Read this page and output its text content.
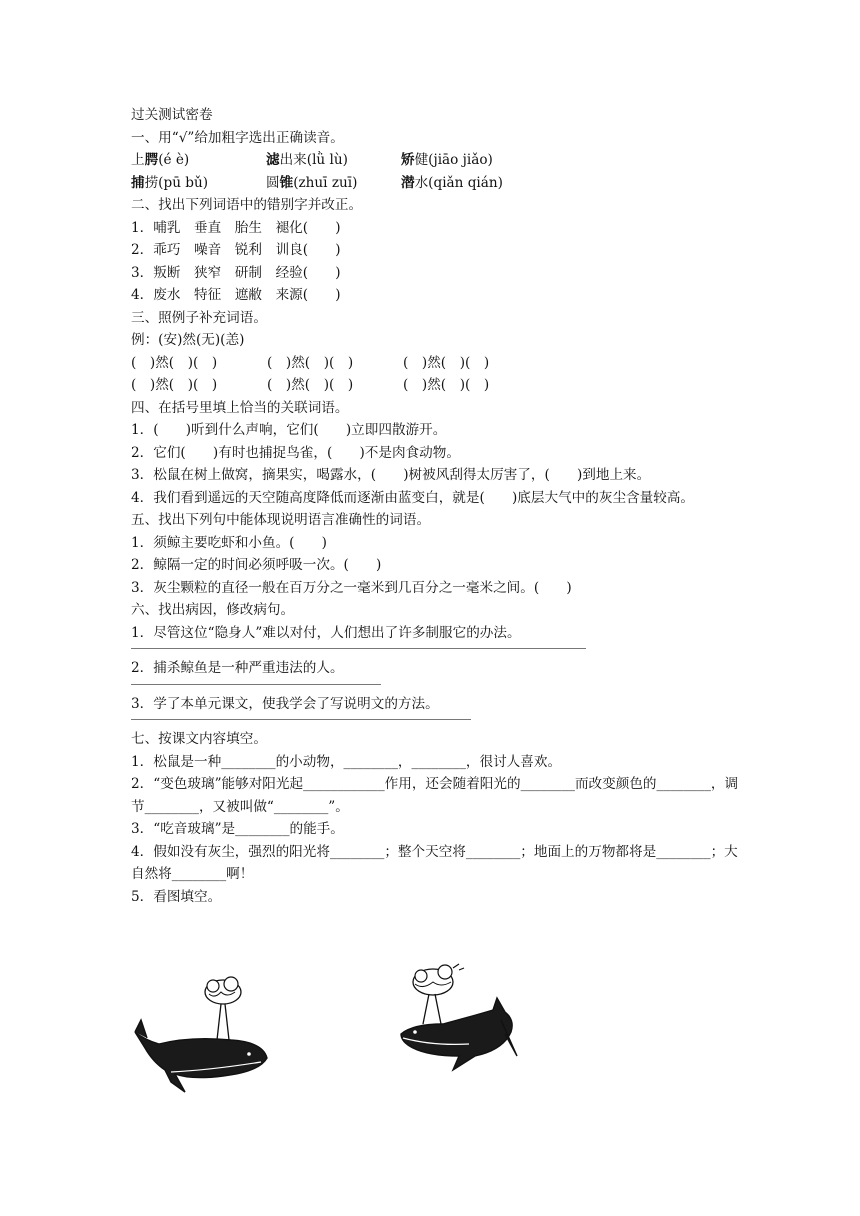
过关测试密卷
一、用“√”给加粗字选出正确读音。
上腭(é è)	滤出来(lǜ lù)	矫健(jiāo jiǎo)
捕捞(pū bǔ)	圆锥(zhuī zuī)	潜水(qiǎn qián)
二、找出下列词语中的错别字并改正。
1．哺乳　垂直　胎生　褪化(　　)
2．乖巧　噪音　锐利　训良(　　)
3．叛断　狭窄　研制　经验(　　)
4．废水　特征　遮敝　来源(　　)
三、照例子补充词语。
例：(安)然(无)(恙)
(　)然(　)(　)	(　)然(　)(　)	(　)然(　)(　)
(　)然(　)(　)	(　)然(　)(　)	(　)然(　)(　)
四、在括号里填上恰当的关联词语。
1．(　　)听到什么声响，它们(　　)立即四散游开。
2．它们(　　)有时也捕捉鸟雀，(　　)不是肉食动物。
3．松鼠在树上做窝，摘果实，喝露水，(　　)树被风刮得太厉害了，(　　)到地上来。
4．我们看到遥远的天空随高度降低而逐渐由蓝变白，就是(　　)底层大气中的灰尘含量较高。
五、找出下列句中能体现说明语言准确性的词语。
1．须鲸主要吃虾和小鱼。(　　)
2．鲸隔一定的时间必须呼吸一次。(　　)
3．灰尘颗粒的直径一般在百万分之一毫米到几百分之一毫米之间。(　　)
六、找出病因，修改病句。
1．尽管这位“隐身人”难以对付，人们想出了许多制服它的办法。
2．捕杀鲸鱼是一种严重违法的人。
3．学了本单元课文，使我学会了写说明文的方法。
七、按课文内容填空。
1．松鼠是一种________的小动物，________，________，很讨人喜欢。
2．“变色玻璃”能够对阳光起____________作用，还会随着阳光的________而改变颜色的________，调节________，又被叫做“________”。
3．“吃音玻璃”是________的能手。
4．假如没有灰尘，强烈的阳光将________；整个天空将________；地面上的万物都将是________；大自然将________啊！
5．看图填空。
